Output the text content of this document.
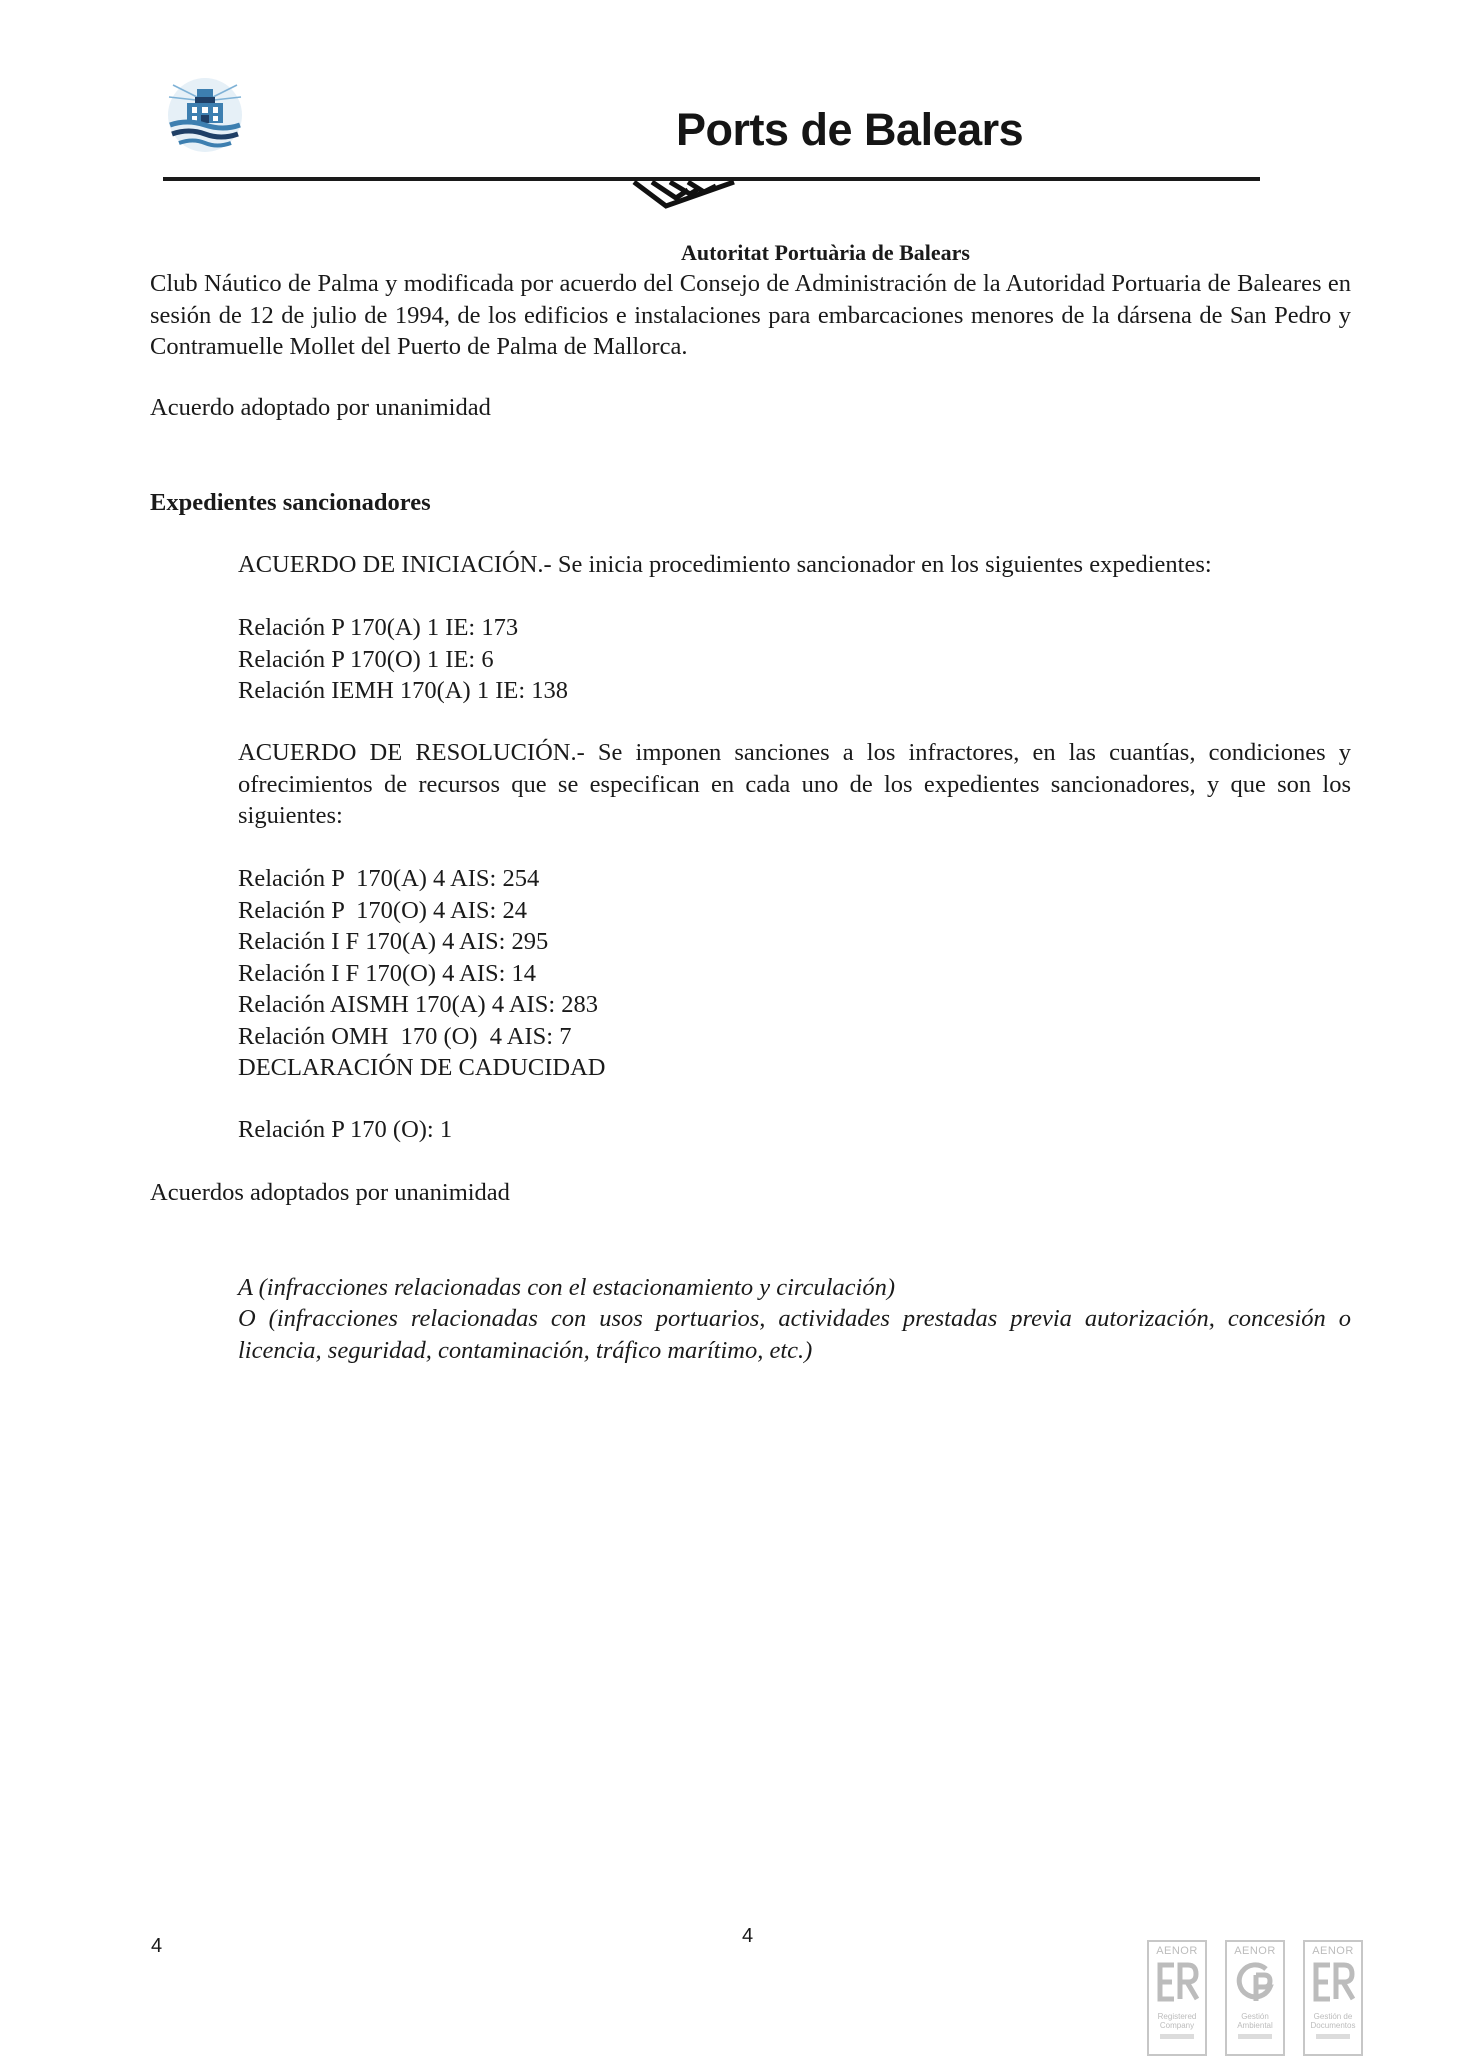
Ports de Balears
Autoritat Portuària de Balears
Club Náutico de Palma y modificada por acuerdo del Consejo de Administración de la Autoridad Portuaria de Baleares en sesión de 12 de julio de 1994, de los edificios e instalaciones para embarcaciones menores de la dársena de San Pedro y Contramuelle Mollet del Puerto de Palma de Mallorca.
Acuerdo adoptado por unanimidad
Expedientes sancionadores
ACUERDO DE INICIACIÓN.- Se inicia procedimiento sancionador en los siguientes expedientes:
Relación P 170(A) 1 IE: 173
Relación P 170(O) 1 IE: 6
Relación IEMH 170(A) 1 IE: 138
ACUERDO DE RESOLUCIÓN.- Se imponen sanciones a los infractores, en las cuantías, condiciones y ofrecimientos de recursos que se especifican en cada uno de los expedientes sancionadores, y que son los siguientes:
Relación P  170(A) 4 AIS: 254
Relación P  170(O) 4 AIS: 24
Relación I F 170(A) 4 AIS: 295
Relación I F 170(O) 4 AIS: 14
Relación AISMH 170(A) 4 AIS: 283
Relación OMH  170 (O)  4 AIS: 7
DECLARACIÓN DE CADUCIDAD
Relación P 170 (O): 1
Acuerdos adoptados por unanimidad
A (infracciones relacionadas con el estacionamiento y circulación)
O (infracciones relacionadas con usos portuarios, actividades prestadas previa autorización, concesión o licencia, seguridad, contaminación, tráfico marítimo, etc.)
4	4
AENOR
Registered Company
AENOR
Gestión Ambiental
AENOR
Gestión de Documentos
